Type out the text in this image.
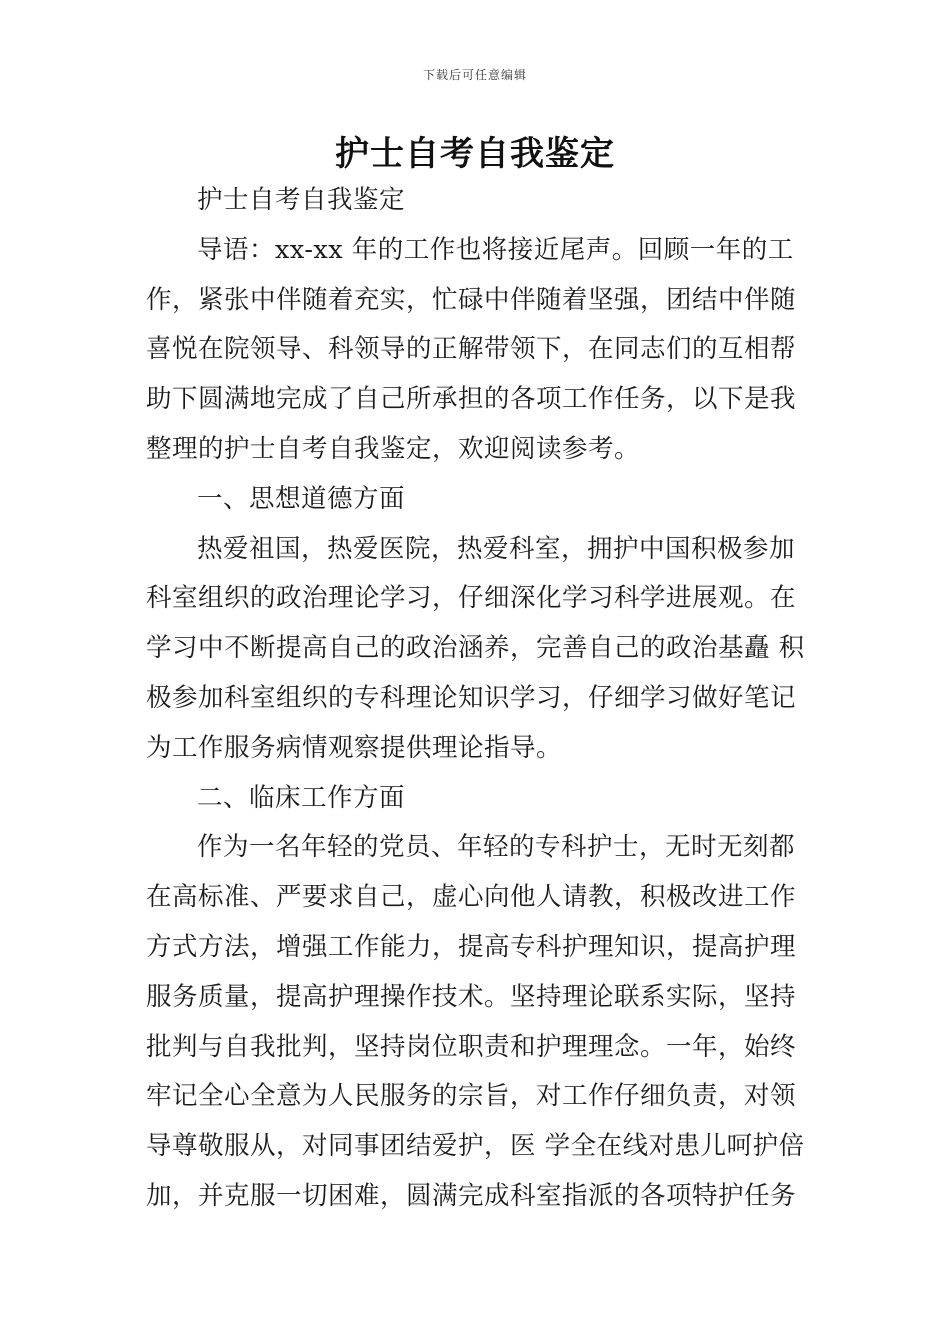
下载后可任意编辑
护士自考自我鉴定

护士自考自我鉴定

导语：xx-xx 年的工作也将接近尾声。回顾一年的工作，紧张中伴随着充实，忙碌中伴随着坚强，团结中伴随喜悦在院领导、科领导的正解带领下，在同志们的互相帮助下圆满地完成了自己所承担的各项工作任务，以下是我整理的护士自考自我鉴定，欢迎阅读参考。

一、思想道德方面

热爱祖国，热爱医院，热爱科室，拥护中国积极参加科室组织的政治理论学习，仔细深化学习科学进展观。在学习中不断提高自己的政治涵养，完善自己的政治基矗 积极参加科室组织的专科理论知识学习，仔细学习做好笔记为工作服务病情观察提供理论指导。

二、临床工作方面

作为一名年轻的党员、年轻的专科护士，无时无刻都在高标准、严要求自己，虚心向他人请教，积极改进工作方式方法，增强工作能力，提高专科护理知识，提高护理服务质量，提高护理操作技术。坚持理论联系实际，坚持批判与自我批判，坚持岗位职责和护理理念。一年，始终牢记全心全意为人民服务的宗旨，对工作仔细负责，对领导尊敬服从，对同事团结爱护，医 学全在线对患儿呵护倍加，并克服一切困难，圆满完成科室指派的各项特护任务
